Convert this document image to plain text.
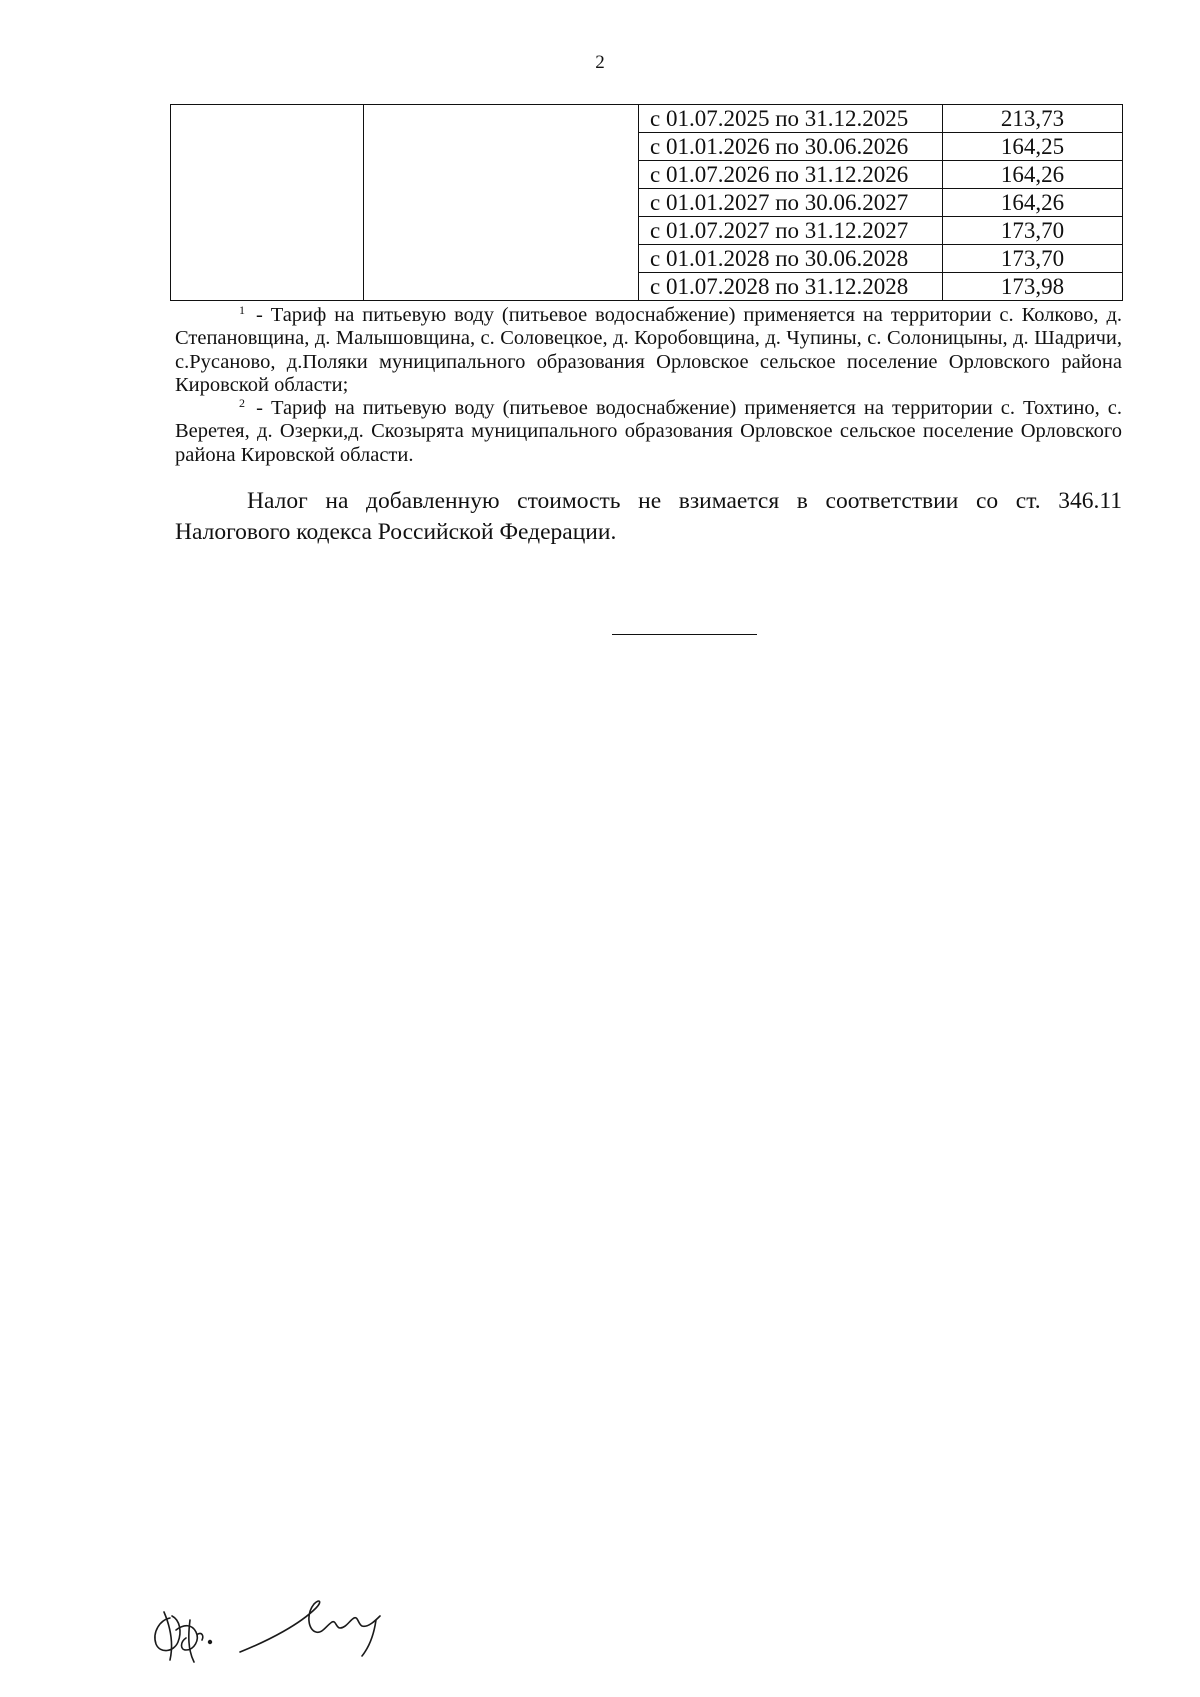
2
		с 01.07.2025 по 31.12.2025	213,73
		с 01.01.2026 по 30.06.2026	164,25
		с 01.07.2026 по 31.12.2026	164,26
		с 01.01.2027 по 30.06.2027	164,26
		с 01.07.2027 по 31.12.2027	173,70
		с 01.01.2028 по 30.06.2028	173,70
		с 01.07.2028 по 31.12.2028	173,98

$^1$ - Тариф на питьевую воду (питьевое водоснабжение) применяется на территории с. Колково, д. Степановщина, д. Малышовщина, с. Соловецкое, д. Коробовщина, д. Чупины, с. Солоницыны, д. Шадричи, с.Русаново, д.Поляки муниципального образования Орловское сельское поселение Орловского района Кировской области;

$^2$ - Тариф на питьевую воду (питьевое водоснабжение) применяется на территории с. Тохтино, с. Веретея, д. Озерки,д. Скозырята муниципального образования Орловское сельское поселение Орловского района Кировской области.

Налог на добавленную стоимость не взимается в соответствии со ст. 346.11 Налогового кодекса Российской Федерации.
